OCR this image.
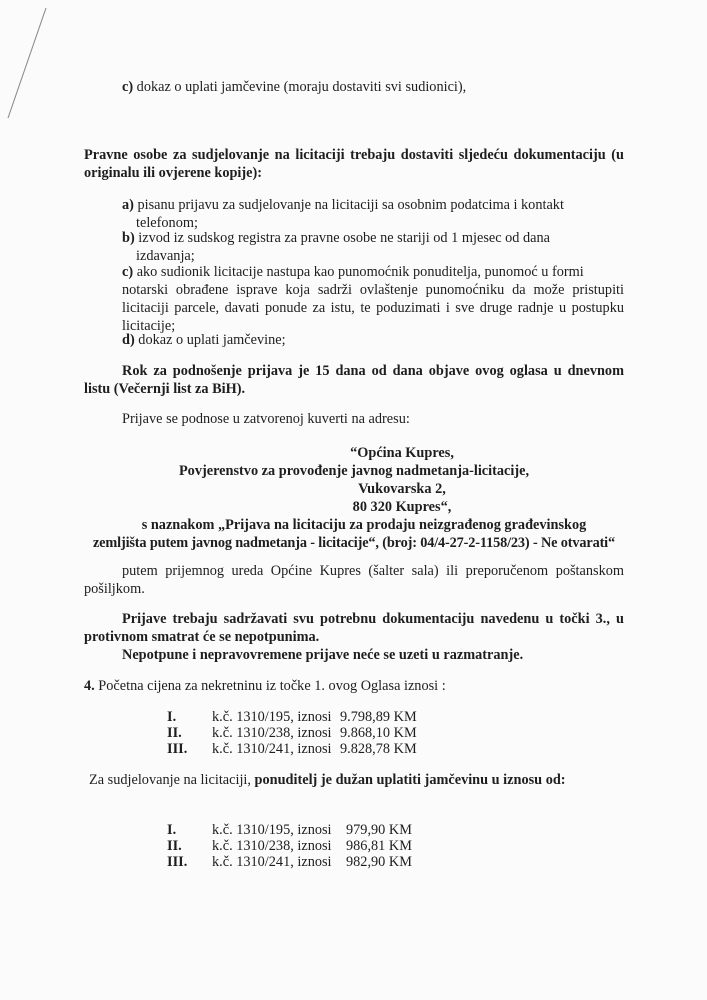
c) dokaz o uplati jamčevine (moraju dostaviti svi sudionici),

Pravne osobe za sudjelovanje na licitaciji trebaju dostaviti sljedeću dokumentaciju (u
originalu ili ovjerene kopije):
a) pisanu prijavu za sudjelovanje na licitaciji sa osobnim podatcima i kontakt
telefonom;
b) izvod iz sudskog registra za pravne osobe ne stariji od 1 mjesec od dana
izdavanja;
c) ako sudionik licitacije nastupa kao punomoćnik ponuditelja, punomoć u formi
notarski obrađene isprave koja sadrži ovlaštenje punomoćniku da može pristupiti
licitaciji parcele, davati ponude za istu, te poduzimati i sve druge radnje u postupku
licitacije;
d) dokaz o uplati jamčevine;
Rok za podnošenje prijava je 15 dana od dana objave ovog oglasa u dnevnom
listu (Večernji list za BiH).

Prijave se podnose u zatvorenoj kuverti na adresu:

“Općina Kupres,
Povjerenstvo za provođenje javnog nadmetanja-licitacije,
Vukovarska 2,
80 320 Kupres“,
s naznakom „Prijava na licitaciju za prodaju neizgrađenog građevinskog
zemljišta putem javnog nadmetanja - licitacije“, (broj: 04/4-27-2-1158/23) - Ne otvarati“
putem prijemnog ureda Općine Kupres (šalter sala) ili preporučenom poštanskom
pošiljkom.
Prijave trebaju sadržavati svu potrebnu dokumentaciju navedenu u točki 3., u
protivnom smatrat će se nepotpunima.
Nepotpune i nepravovremene prijave neće se uzeti u razmatranje.

4. Početna cijena za nekretninu iz točke 1. ovog Oglasa iznosi :

I.	k.č. 1310/195, iznosi 9.798,89 KM
II. k.č. 1310/238, iznosi 9.868,10 KM
III. k.č. 1310/241, iznosi 9.828,78 KM

Za sudjelovanje na licitaciji, ponuditelj je dužan uplatiti jamčevinu u iznosu od:

I.	k.č. 1310/195, iznosi 979,90 KM
II. k.č. 1310/238, iznosi 986,81 KM
III. k.č. 1310/241, iznosi 982,90 KM
